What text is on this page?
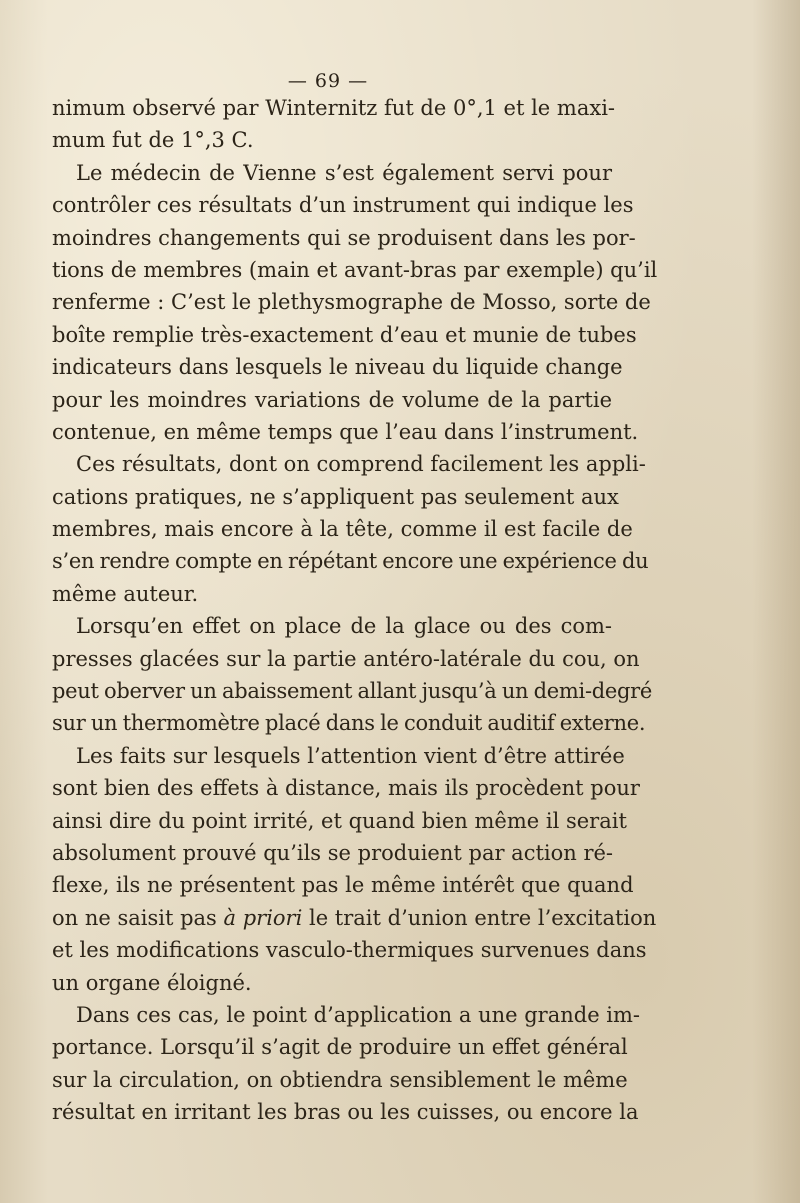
— 69 —
nimum observé par Winternitz fut de 0°,1 et le maxi-
mum fut de 1°,3 C.
Le médecin de Vienne s’est également servi pour
contrôler ces résultats d’un instrument qui indique les
moindres changements qui se produisent dans les por-
tions de membres (main et avant-bras par exemple) qu’il
renferme : C’est le plethysmographe de Mosso, sorte de
boîte remplie très-exactement d’eau et munie de tubes
indicateurs dans lesquels le niveau du liquide change
pour les moindres variations de volume de la partie
contenue, en même temps que l’eau dans l’instrument.
Ces résultats, dont on comprend facilement les appli-
cations pratiques, ne s’appliquent pas seulement aux
membres, mais encore à la tête, comme il est facile de
s’en rendre compte en répétant encore une expérience du
même auteur.
Lorsqu’en effet on place de la glace ou des com-
presses glacées sur la partie antéro-latérale du cou, on
peut oberver un abaissement allant jusqu’à un demi-degré
sur un thermomètre placé dans le conduit auditif externe.
Les faits sur lesquels l’attention vient d’être attirée
sont bien des effets à distance, mais ils procèdent pour
ainsi dire du point irrité, et quand bien même il serait
absolument prouvé qu’ils se produient par action ré-
flexe, ils ne présentent pas le même intérêt que quand
on ne saisit pas à priori le trait d’union entre l’excitation
et les modifications vasculo-thermiques survenues dans
un organe éloigné.
Dans ces cas, le point d’application a une grande im-
portance. Lorsqu’il s’agit de produire un effet général
sur la circulation, on obtiendra sensiblement le même
résultat en irritant les bras ou les cuisses, ou encore la
